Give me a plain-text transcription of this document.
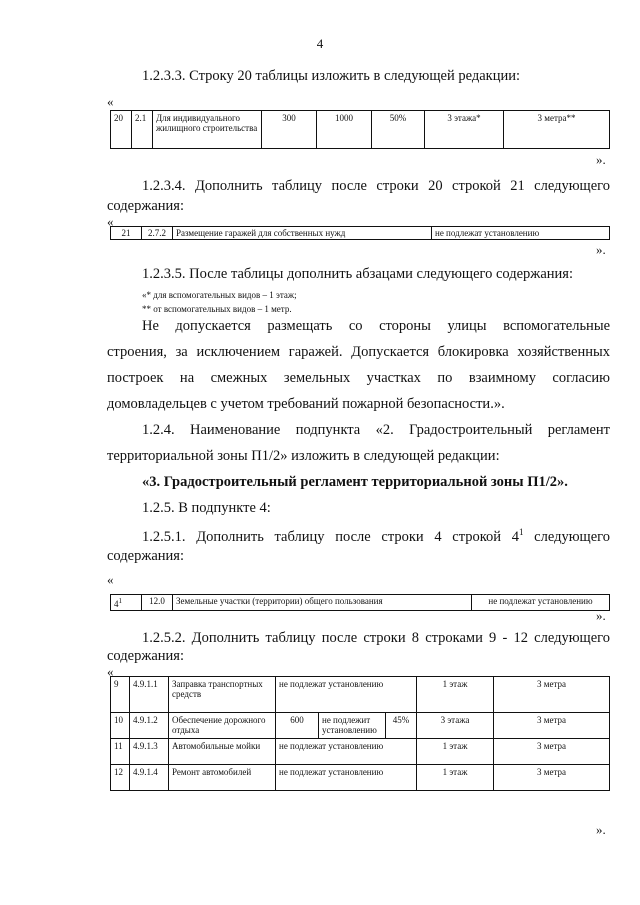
4
1.2.3.3. Строку 20 таблицы изложить в следующей редакции:
«
20	2.1	Для индивидуального жилищного строительства	300	1000	50%	3 этажа*	3 метра**
».
1.2.3.4. Дополнить таблицу после строки 20 строкой 21 следующего
содержания:
«
21	2.7.2	Размещение гаражей для собственных нужд	не подлежат установлению
».
1.2.3.5. После таблицы дополнить абзацами следующего содержания:
«* для вспомогательных видов – 1 этаж;
** от вспомогательных видов – 1 метр.
Не допускается размещать со стороны улицы вспомогательные
строения, за исключением гаражей. Допускается блокировка хозяйственных
построек на смежных земельных участках по взаимному согласию
домовладельцев с учетом требований пожарной безопасности.».
1.2.4. Наименование подпункта «2. Градостроительный регламент
территориальной зоны П1/2» изложить в следующей редакции:
«3. Градостроительный регламент территориальной зоны П1/2».
1.2.5. В подпункте 4:
1.2.5.1. Дополнить таблицу после строки 4 строкой $4^1$ следующего
содержания:
«
$4^1$	12.0	Земельные участки (территории) общего пользования	не подлежат установлению
».
1.2.5.2. Дополнить таблицу после строки 8 строками 9 - 12 следующего
содержания:
«
9	4.9.1.1	Заправка транспортных средств	не подлежат установлению			1 этаж	3 метра
10	4.9.1.2	Обеспечение дорожного отдыха	600	не подлежит установлению	45%	3 этажа	3 метра
11	4.9.1.3	Автомобильные мойки	не подлежат установлению			1 этаж	3 метра
12	4.9.1.4	Ремонт автомобилей	не подлежат установлению			1 этаж	3 метра
».
